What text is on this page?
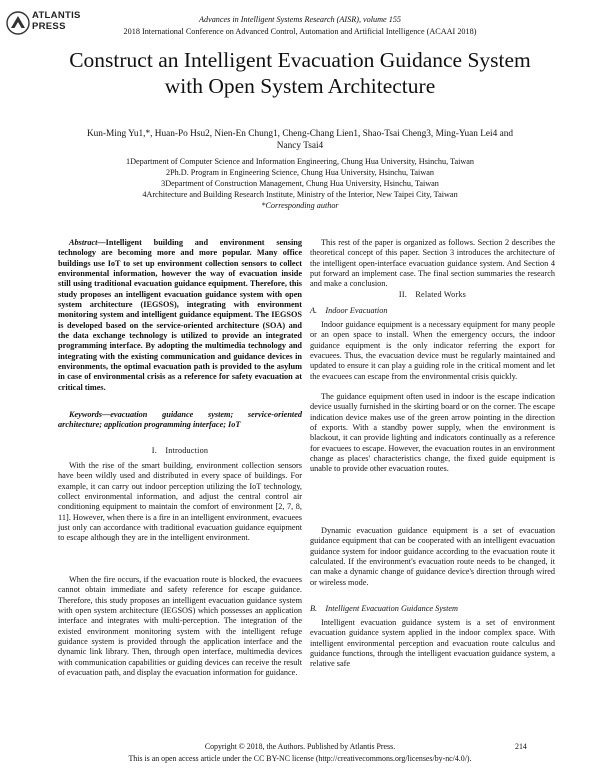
ATLANTIS
PRESS
Advances in Intelligent Systems Research (AISR), volume 155
2018 International Conference on Advanced Control, Automation and Artificial Intelligence (ACAAI 2018)
Construct an Intelligent Evacuation Guidance System
with Open System Architecture
Kun-Ming Yu1,*, Huan-Po Hsu2, Nien-En Chung1, Cheng-Chang Lien1, Shao-Tsai Cheng3, Ming-Yuan Lei4 and
Nancy Tsai4
1Department of Computer Science and Information Engineering, Chung Hua University, Hsinchu, Taiwan
2Ph.D. Program in Engineering Science, Chung Hua University, Hsinchu, Taiwan
3Department of Construction Management, Chung Hua University, Hsinchu, Taiwan
4Architecture and Building Research Institute, Ministry of the Interior, New Taipei City, Taiwan
*Corresponding author

Abstract—Intelligent building and environment sensing technology are becoming more and more popular. Many office buildings use IoT to set up environment collection sensors to collect environmental information, however the way of evacuation inside still using traditional evacuation guidance equipment. Therefore, this study proposes an intelligent evacuation guidance system with open system architecture (IEGSOS), integrating with environment monitoring system and intelligent guidance equipment. The IEGSOS is developed based on the service-oriented architecture (SOA) and the data exchange technology is utilized to provide an integrated programming interface. By adopting the multimedia technology and integrating with the existing communication and guidance devices in environments, the optimal evacuation path is provided to the asylum in case of environmental crisis as a reference for safety evacuation at critical times.

Keywords—evacuation guidance system; service-oriented architecture; application programming interface; IoT

I. Introduction

With the rise of the smart building, environment collection sensors have been wildly used and distributed in every space of buildings. For example, it can carry out indoor perception utilizing the IoT technology, collect environmental information, and adjust the central control air conditioning equipment to maintain the comfort of environment [2, 7, 8, 11]. However, when there is a fire in an intelligent environment, evacuees just only can accordance with traditional evacuation guidance equipment to escape although they are in the intelligent environment.

When the fire occurs, if the evacuation route is blocked, the evacuees cannot obtain immediate and safety reference for escape guidance. Therefore, this study proposes an intelligent evacuation guidance system with open system architecture (IEGSOS) which possesses an application interface and integrates with multi-perception. The integration of the existed environment monitoring system with the intelligent refuge guidance system is provided through the application interface and the dynamic link library. Then, through open interface, multimedia devices with communication capabilities or guiding devices can receive the result of evacuation path, and display the evacuation information for guidance.

This rest of the paper is organized as follows. Section 2 describes the theoretical concept of this paper. Section 3 introduces the architecture of the intelligent open-interface evacuation guidance system. And Section 4 put forward an implement case. The final section summaries the research and make a conclusion.

II. Related Works
A. Indoor Evacuation

Indoor guidance equipment is a necessary equipment for many people or an open space to install. When the emergency occurs, the indoor guidance equipment is the only indicator referring the export for evacuees. Thus, the evacuation device must be regularly maintained and updated to ensure it can play a guiding role in the critical moment and let the evacuees can escape from the environmental crisis quickly.

The guidance equipment often used in indoor is the escape indication device usually furnished in the skirting board or on the corner. The escape indication device makes use of the green arrow pointing in the direction of exports. With a standby power supply, when the environment is blackout, it can provide lighting and indicators continually as a reference for evacuees to escape. However, the evacuation routes in an environment change as places' characteristics change, the fixed guide equipment is unable to provide other evacuation routes.

Dynamic evacuation guidance equipment is a set of evacuation guidance equipment that can be cooperated with an intelligent evacuation guidance system for indoor guidance according to the evacuation route it calculated. If the environment's evacuation route needs to be changed, it can make a dynamic change of guidance device's direction through wired or wireless mode.

B. Intelligent Evacuation Guidance System

Intelligent evacuation guidance system is a set of environment evacuation guidance system applied in the indoor complex space. With intelligent environmental perception and evacuation route calculus and guidance functions, through the intelligent evacuation guidance system, a relative safe

Copyright © 2018, the Authors. Published by Atlantis Press.	214
This is an open access article under the CC BY-NC license (http://creativecommons.org/licenses/by-nc/4.0/).
